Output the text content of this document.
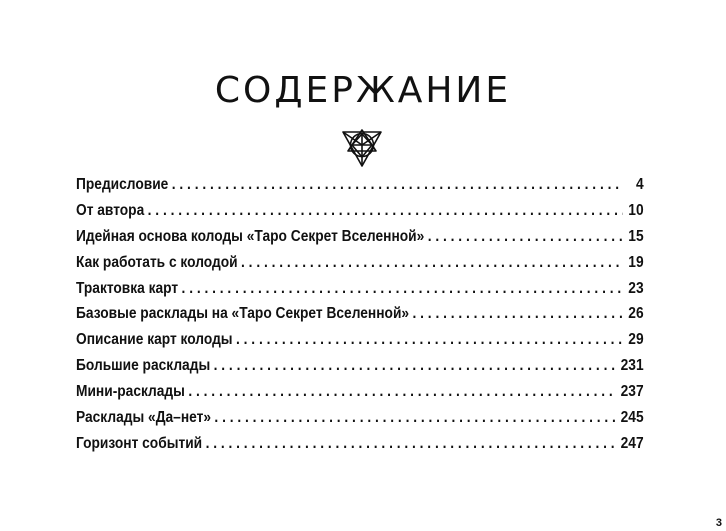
СОДЕРЖАНИЕ
Предисловие . . .	4
От автора . . .	10
Идейная основа колоды «Таро Секрет Вселенной» . . .	15
Как работать с колодой . . .	19
Трактовка карт . . .	23
Базовые расклады на «Таро Секрет Вселенной» . . .	26
Описание карт колоды . . .	29
Большие расклады . . .	231
Мини-расклады . . .	237
Расклады «Да–нет» . . .	245
Горизонт событий . . .	247
3
